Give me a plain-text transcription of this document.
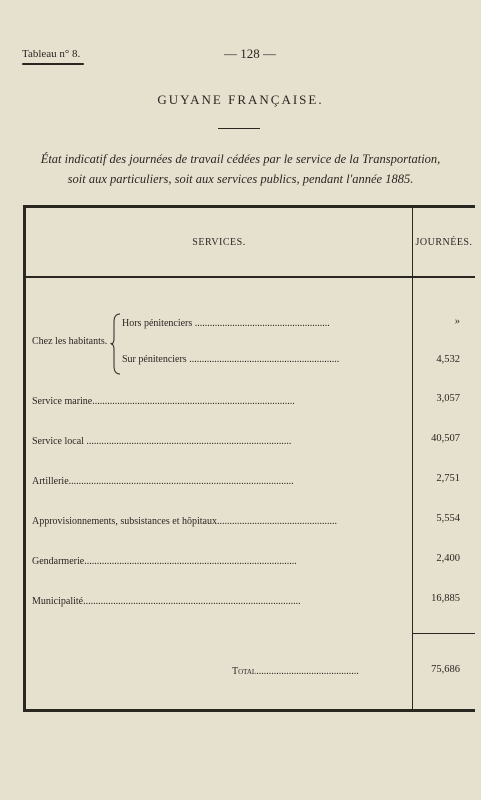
Tableau n° 8.	— 128 —
GUYANE FRANÇAISE.
État indicatif des journées de travail cédées par le service de la Transportation,
soit aux particuliers, soit aux services publics, pendant l'année 1885.
SERVICES.	JOURNÉES.
Chez les habitants. .
Hors pénitenciers ......................................................	»
Sur pénitenciers ............................................................	4,532
Service marine.................................................................................	3,057
Service local ..................................................................................	40,507
Artillerie..........................................................................................	2,751
Approvisionnements, subsistances et hôpitaux................................................	5,554
Gendarmerie.....................................................................................	2,400
Municipalité.......................................................................................	16,885
Total.........................................	75,686
